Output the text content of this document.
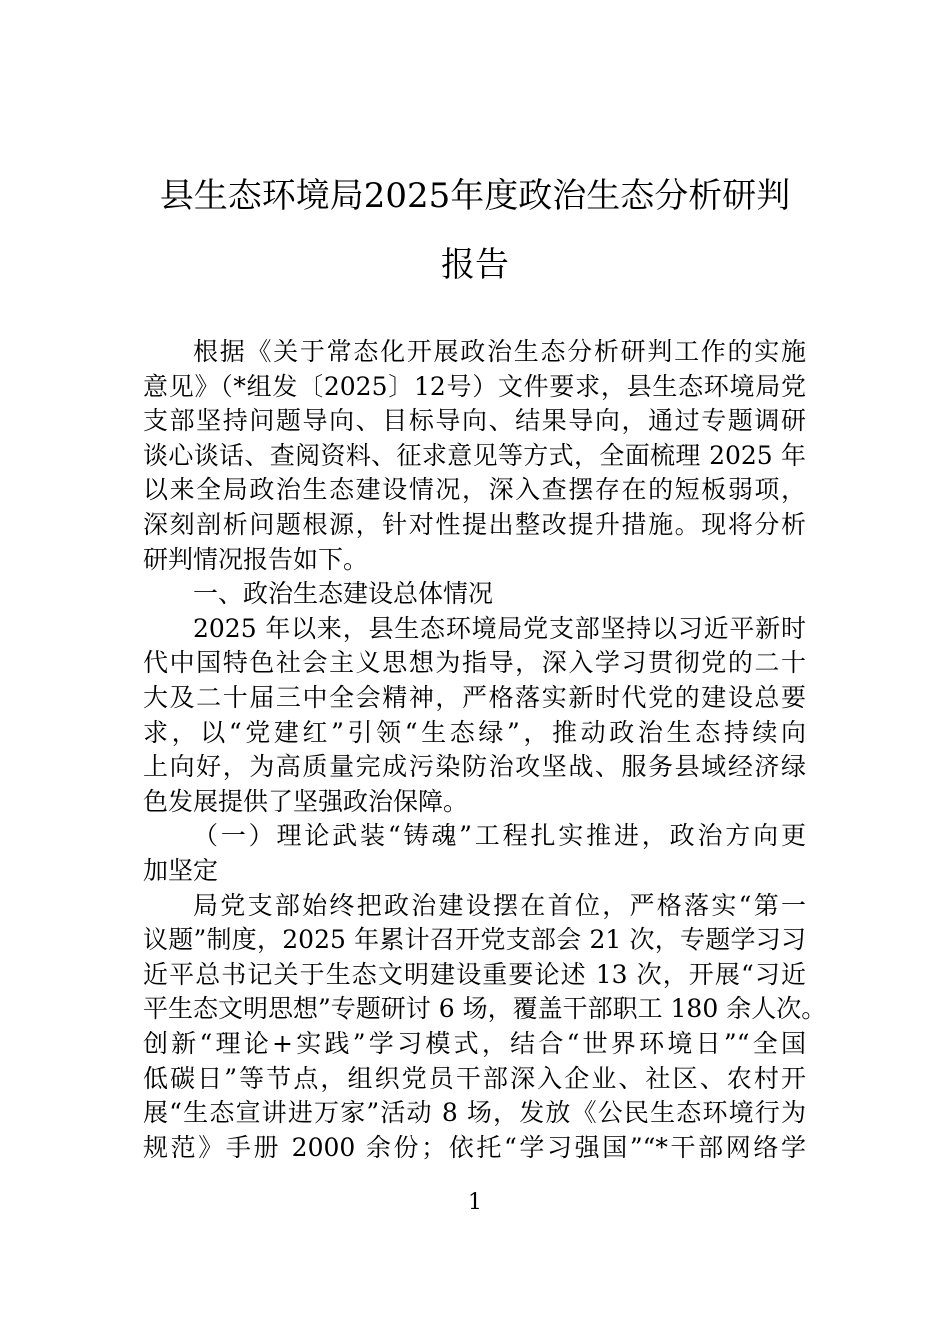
县生态环境局2025年度政治生态分析研判
报告
根据《关于常态化开展政治生态分析研判工作的实施
意见》（*组发〔2025〕12号）文件要求，县生态环境局党
支部坚持问题导向、目标导向、结果导向，通过专题调研
谈心谈话、查阅资料、征求意见等方式，全面梳理 2025 年
以来全局政治生态建设情况，深入查摆存在的短板弱项，
深刻剖析问题根源，针对性提出整改提升措施。现将分析
研判情况报告如下。
一、政治生态建设总体情况
2025 年以来，县生态环境局党支部坚持以习近平新时
代中国特色社会主义思想为指导，深入学习贯彻党的二十
大及二十届三中全会精神，严格落实新时代党的建设总要
求，以“党建红”引领“生态绿”，推动政治生态持续向
上向好，为高质量完成污染防治攻坚战、服务县域经济绿
色发展提供了坚强政治保障。
（一）理论武装“铸魂”工程扎实推进，政治方向更
加坚定
局党支部始终把政治建设摆在首位，严格落实“第一
议题”制度，2025 年累计召开党支部会 21 次，专题学习习
近平总书记关于生态文明建设重要论述 13 次，开展“习近
平生态文明思想”专题研讨 6 场，覆盖干部职工 180 余人次。
创新“理论+实践”学习模式，结合“世界环境日”“全国
低碳日”等节点，组织党员干部深入企业、社区、农村开
展“生态宣讲进万家”活动 8 场，发放《公民生态环境行为
规范》手册 2000 余份；依托“学习强国”“*干部网络学
1
